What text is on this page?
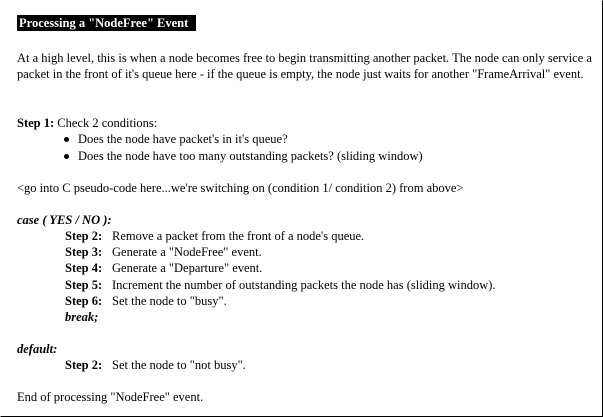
Processing a "NodeFree" Event
At a high level, this is when a node becomes free to begin transmitting another packet. The node can only service a packet in the front of it's queue here - if the queue is empty, the node just waits for another "FrameArrival" event.
Step 1: Check 2 conditions:
Does the node have packet's in it's queue?
Does the node have too many outstanding packets? (sliding window)
<go into C pseudo-code here...we're switching on (condition 1/ condition 2) from above>
case ( YES / NO ):
Step 2: Remove a packet from the front of a node's queue.
Step 3: Generate a "NodeFree" event.
Step 4: Generate a "Departure" event.
Step 5: Increment the number of outstanding packets the node has (sliding window).
Step 6: Set the node to "busy".
break;
default:
Step 2: Set the node to "not busy".
End of processing "NodeFree" event.
